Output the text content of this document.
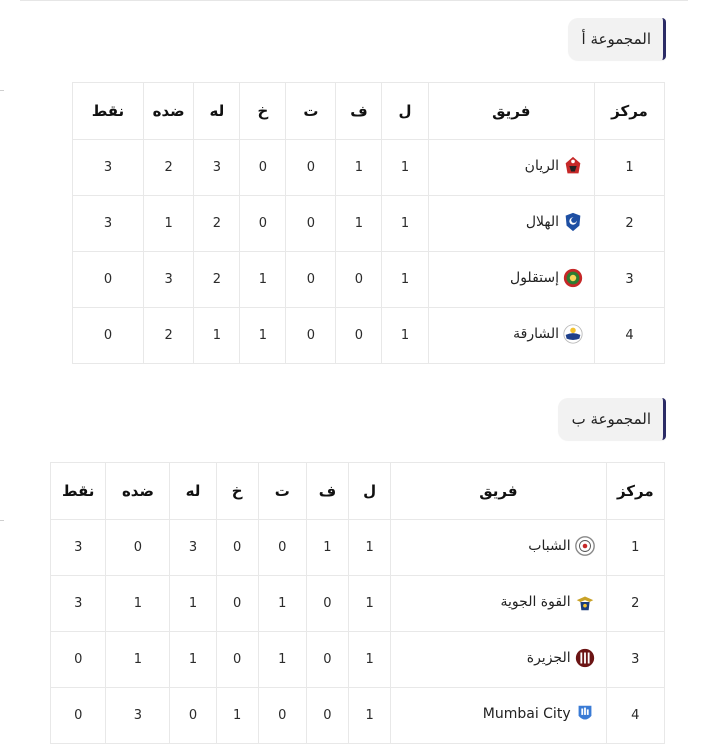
المجموعة أ
مركز	فريق	ل	ف	ت	خ	له	ضده	نقط
1	الريان	1	1	0	0	3	2	3
2	الهلال	1	1	0	0	2	1	3
3	إستقلول	1	0	0	1	2	3	0
4	الشارقة	1	0	0	1	1	2	0
المجموعة ب
مركز	فريق	ل	ف	ت	خ	له	ضده	نقط
1	الشباب	1	1	0	0	3	0	3
2	القوة الجوية	1	0	1	0	1	1	3
3	الجزيرة	1	0	1	0	1	1	0
4	Mumbai City	1	0	0	1	0	3	0
